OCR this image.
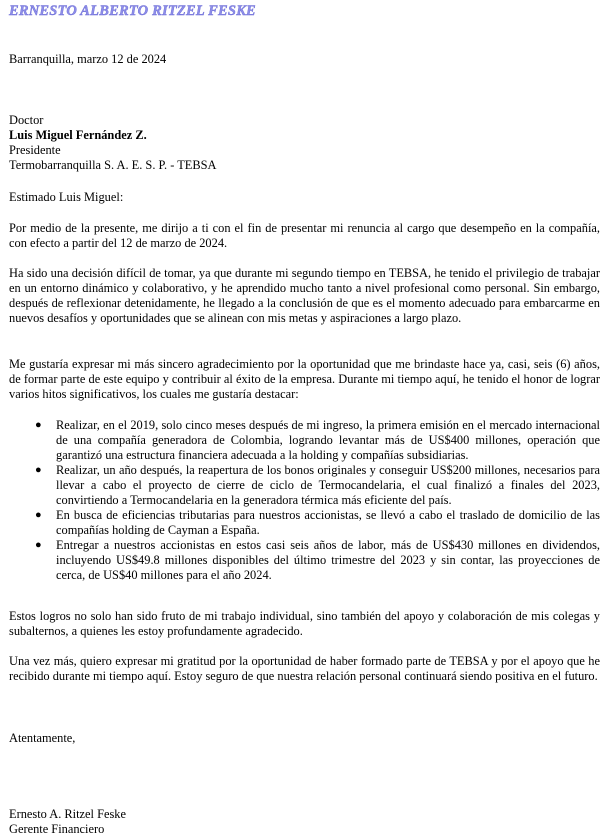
ERNESTO ALBERTO RITZEL FESKE
Barranquilla, marzo 12 de 2024
Doctor
Luis Miguel Fernández Z.
Presidente
Termobarranquilla S. A. E. S. P. - TEBSA
Estimado Luis Miguel:
Por medio de la presente, me dirijo a ti con el fin de presentar mi renuncia al cargo que desempeño en la compañía, con efecto a partir del 12 de marzo de 2024.
Ha sido una decisión difícil de tomar, ya que durante mi segundo tiempo en TEBSA, he tenido el privilegio de trabajar en un entorno dinámico y colaborativo, y he aprendido mucho tanto a nivel profesional como personal. Sin embargo, después de reflexionar detenidamente, he llegado a la conclusión de que es el momento adecuado para embarcarme en nuevos desafíos y oportunidades que se alinean con mis metas y aspiraciones a largo plazo.
Me gustaría expresar mi más sincero agradecimiento por la oportunidad que me brindaste hace ya, casi, seis (6) años, de formar parte de este equipo y contribuir al éxito de la empresa. Durante mi tiempo aquí, he tenido el honor de lograr varios hitos significativos, los cuales me gustaría destacar:
● Realizar, en el 2019, solo cinco meses después de mi ingreso, la primera emisión en el mercado internacional de una compañía generadora de Colombia, logrando levantar más de US$400 millones, operación que garantizó una estructura financiera adecuada a la holding y compañías subsidiarias.
● Realizar, un año después, la reapertura de los bonos originales y conseguir US$200 millones, necesarios para llevar a cabo el proyecto de cierre de ciclo de Termocandelaria, el cual finalizó a finales del 2023, convirtiendo a Termocandelaria en la generadora térmica más eficiente del país.
● En busca de eficiencias tributarias para nuestros accionistas, se llevó a cabo el traslado de domicilio de las compañías holding de Cayman a España.
● Entregar a nuestros accionistas en estos casi seis años de labor, más de US$430 millones en dividendos, incluyendo US$49.8 millones disponibles del último trimestre del 2023 y sin contar, las proyecciones de cerca, de US$40 millones para el año 2024.
Estos logros no solo han sido fruto de mi trabajo individual, sino también del apoyo y colaboración de mis colegas y subalternos, a quienes les estoy profundamente agradecido.
Una vez más, quiero expresar mi gratitud por la oportunidad de haber formado parte de TEBSA y por el apoyo que he recibido durante mi tiempo aquí. Estoy seguro de que nuestra relación personal continuará siendo positiva en el futuro.
Atentamente,
Ernesto A. Ritzel Feske
Gerente Financiero
